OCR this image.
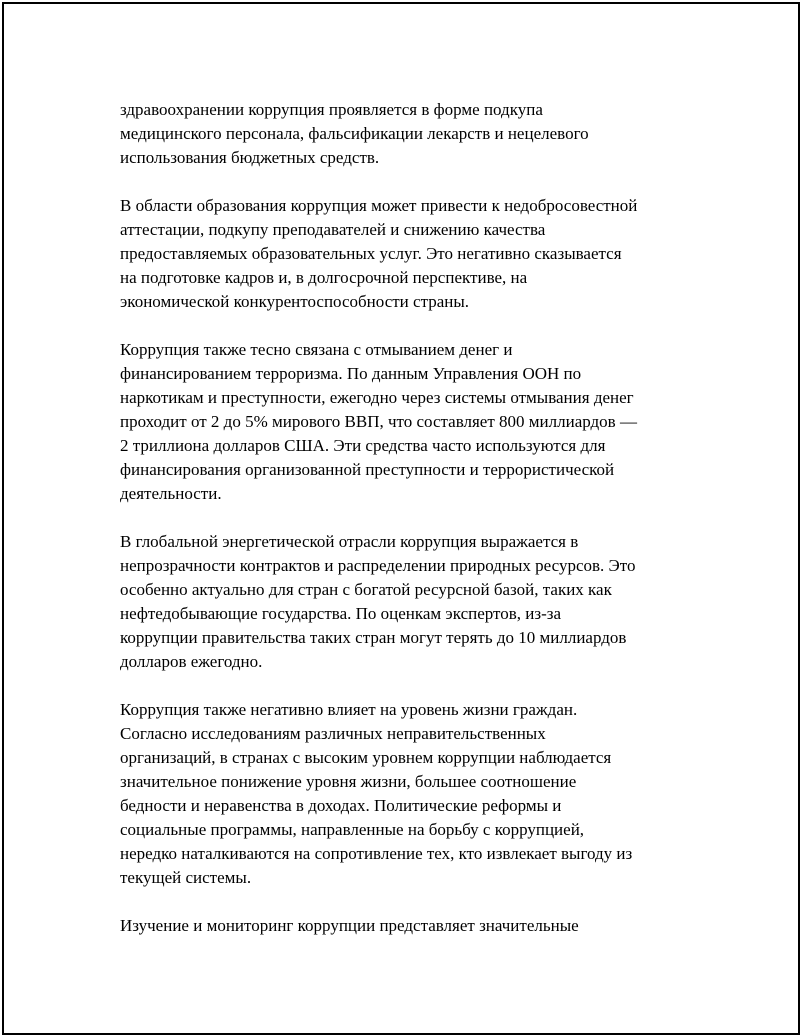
здравоохранении коррупция проявляется в форме подкупа
медицинского персонала, фальсификации лекарств и нецелевого
использования бюджетных средств.

В области образования коррупция может привести к недобросовестной
аттестации, подкупу преподавателей и снижению качества
предоставляемых образовательных услуг. Это негативно сказывается
на подготовке кадров и, в долгосрочной перспективе, на
экономической конкурентоспособности страны.

Коррупция также тесно связана с отмыванием денег и
финансированием терроризма. По данным Управления ООН по
наркотикам и преступности, ежегодно через системы отмывания денег
проходит от 2 до 5% мирового ВВП, что составляет 800 миллиардов —
2 триллиона долларов США. Эти средства часто используются для
финансирования организованной преступности и террористической
деятельности.

В глобальной энергетической отрасли коррупция выражается в
непрозрачности контрактов и распределении природных ресурсов. Это
особенно актуально для стран с богатой ресурсной базой, таких как
нефтедобывающие государства. По оценкам экспертов, из-за
коррупции правительства таких стран могут терять до 10 миллиардов
долларов ежегодно.

Коррупция также негативно влияет на уровень жизни граждан.
Согласно исследованиям различных неправительственных
организаций, в странах с высоким уровнем коррупции наблюдается
значительное понижение уровня жизни, большее соотношение
бедности и неравенства в доходах. Политические реформы и
социальные программы, направленные на борьбу с коррупцией,
нередко наталкиваются на сопротивление тех, кто извлекает выгоду из
текущей системы.

Изучение и мониторинг коррупции представляет значительные
